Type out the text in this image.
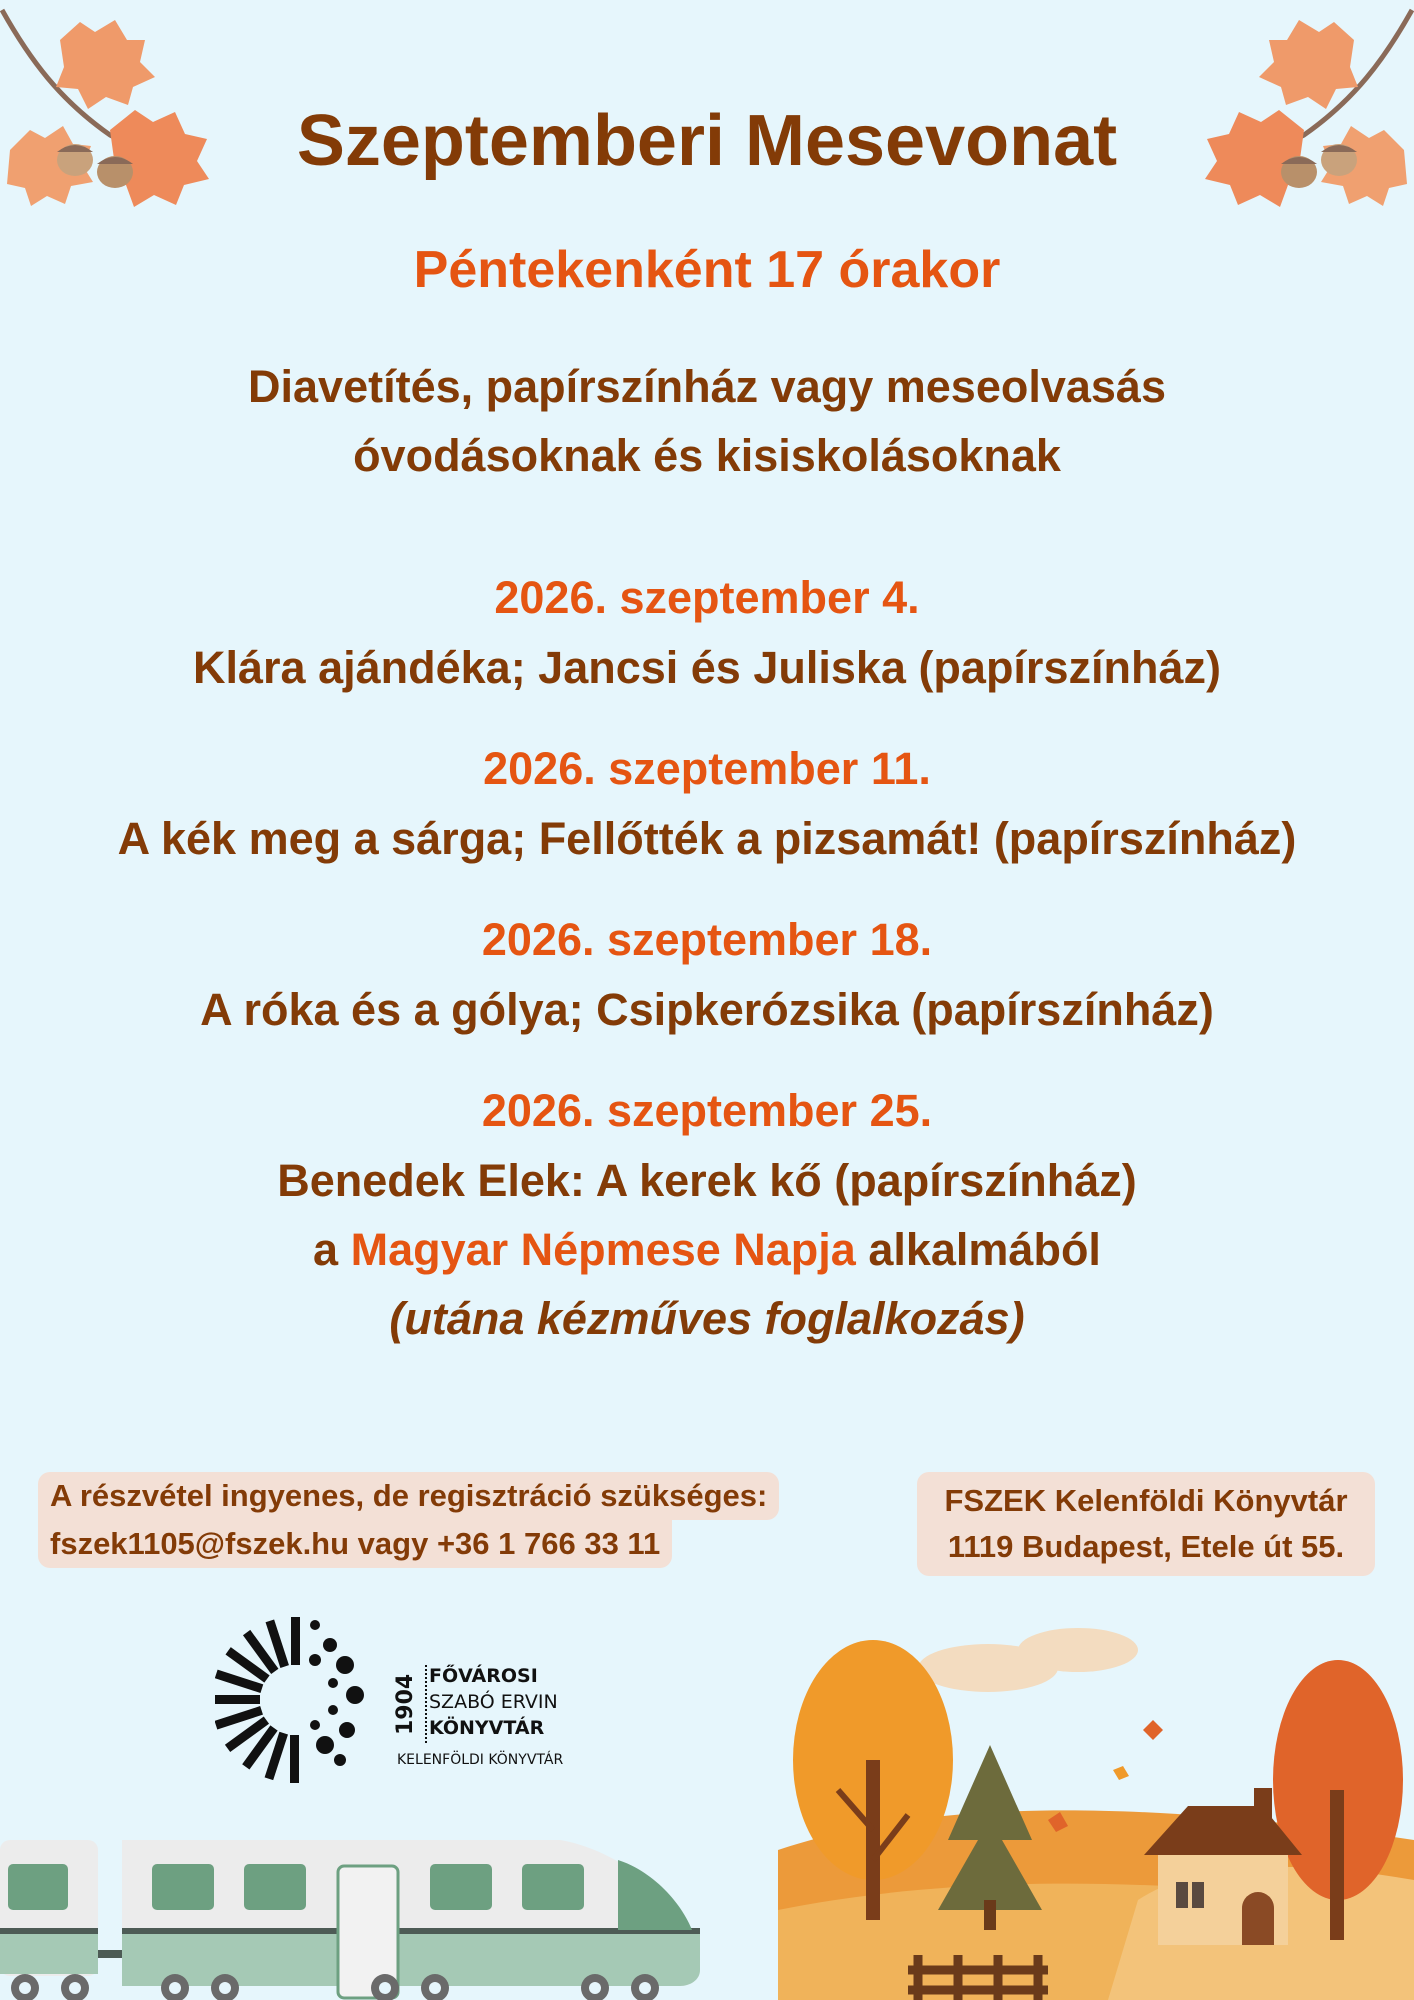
Szeptemberi Mesevonat
Péntekenként 17 órakor
Diavetítés, papírszínház vagy meseolvasás
óvodásoknak és kisiskolásoknak
2026. szeptember 4.
Klára ajándéka; Jancsi és Juliska (papírszínház)
2026. szeptember 11.
A kék meg a sárga; Fellőtték a pizsamát! (papírszínház)
2026. szeptember 18.
A róka és a gólya; Csipkerózsika (papírszínház)
2026. szeptember 25.
Benedek Elek: A kerek kő (papírszínház)
a Magyar Népmese Napja alkalmából
(utána kézműves foglalkozás)
A részvétel ingyenes, de regisztráció szükséges:
fszek1105@fszek.hu vagy +36 1 766 33 11
FSZEK Kelenföldi Könyvtár
1119 Budapest, Etele út 55.
1904 FŐVÁROSI
SZABÓ ERVIN
KÖNYVTÁR
KELENFÖLDI KÖNYVTÁR
